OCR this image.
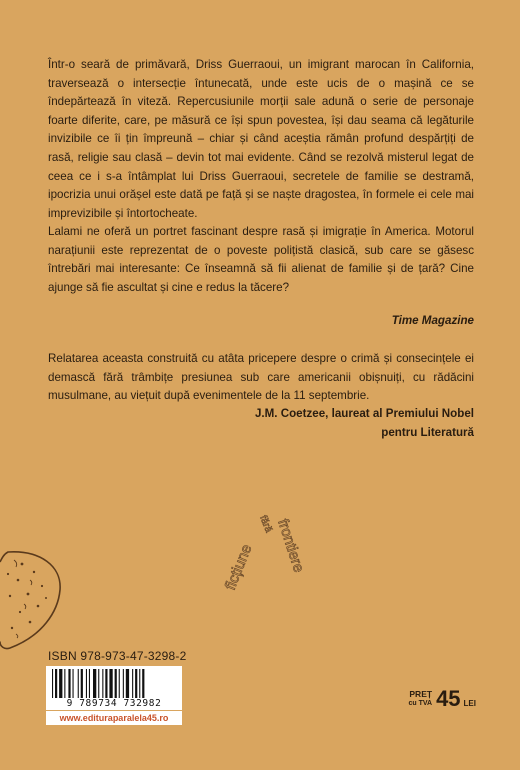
Într-o seară de primăvară, Driss Guerraoui, un imigrant marocan în California, traversează o intersecție întunecată, unde este ucis de o mașină ce se îndepărtează în viteză. Repercusiunile morții sale adună o serie de personaje foarte diferite, care, pe măsură ce își spun povestea, își dau seama că legăturile invizibile ce îi țin împreună – chiar și când aceștia rămân profund despărțiți de rasă, religie sau clasă – devin tot mai evidente. Când se rezolvă misterul legat de ceea ce i s-a întâmplat lui Driss Guerraoui, secretele de familie se destramă, ipocrizia unui orășel este dată pe față și se naște dragostea, în formele ei cele mai imprevizibile și întortocheate.

Lalami ne oferă un portret fascinant despre rasă și imigrație în America. Motorul narațiunii este reprezentat de o poveste polițistă clasică, sub care se găsesc întrebări mai interesante: Ce înseamnă să fii alienat de familie și de țară? Cine ajunge să fie ascultat și cine e redus la tăcere?

Time Magazine

Relatarea aceasta construită cu atâta pricepere despre o crimă și consecințele ei demască fără trâmbițe presiunea sub care americanii obișnuiți, cu rădăcini musulmane, au viețuit după evenimentele de la 11 septembrie.

J.M. Coetzee, laureat al Premiului Nobel
pentru Literatură
ficțiune
fără frontiere
ISBN 978-973-47-3298-2
9 789734 732982
www.edituraparalela45.ro
PREȚ
cu TVA 45 LEI
